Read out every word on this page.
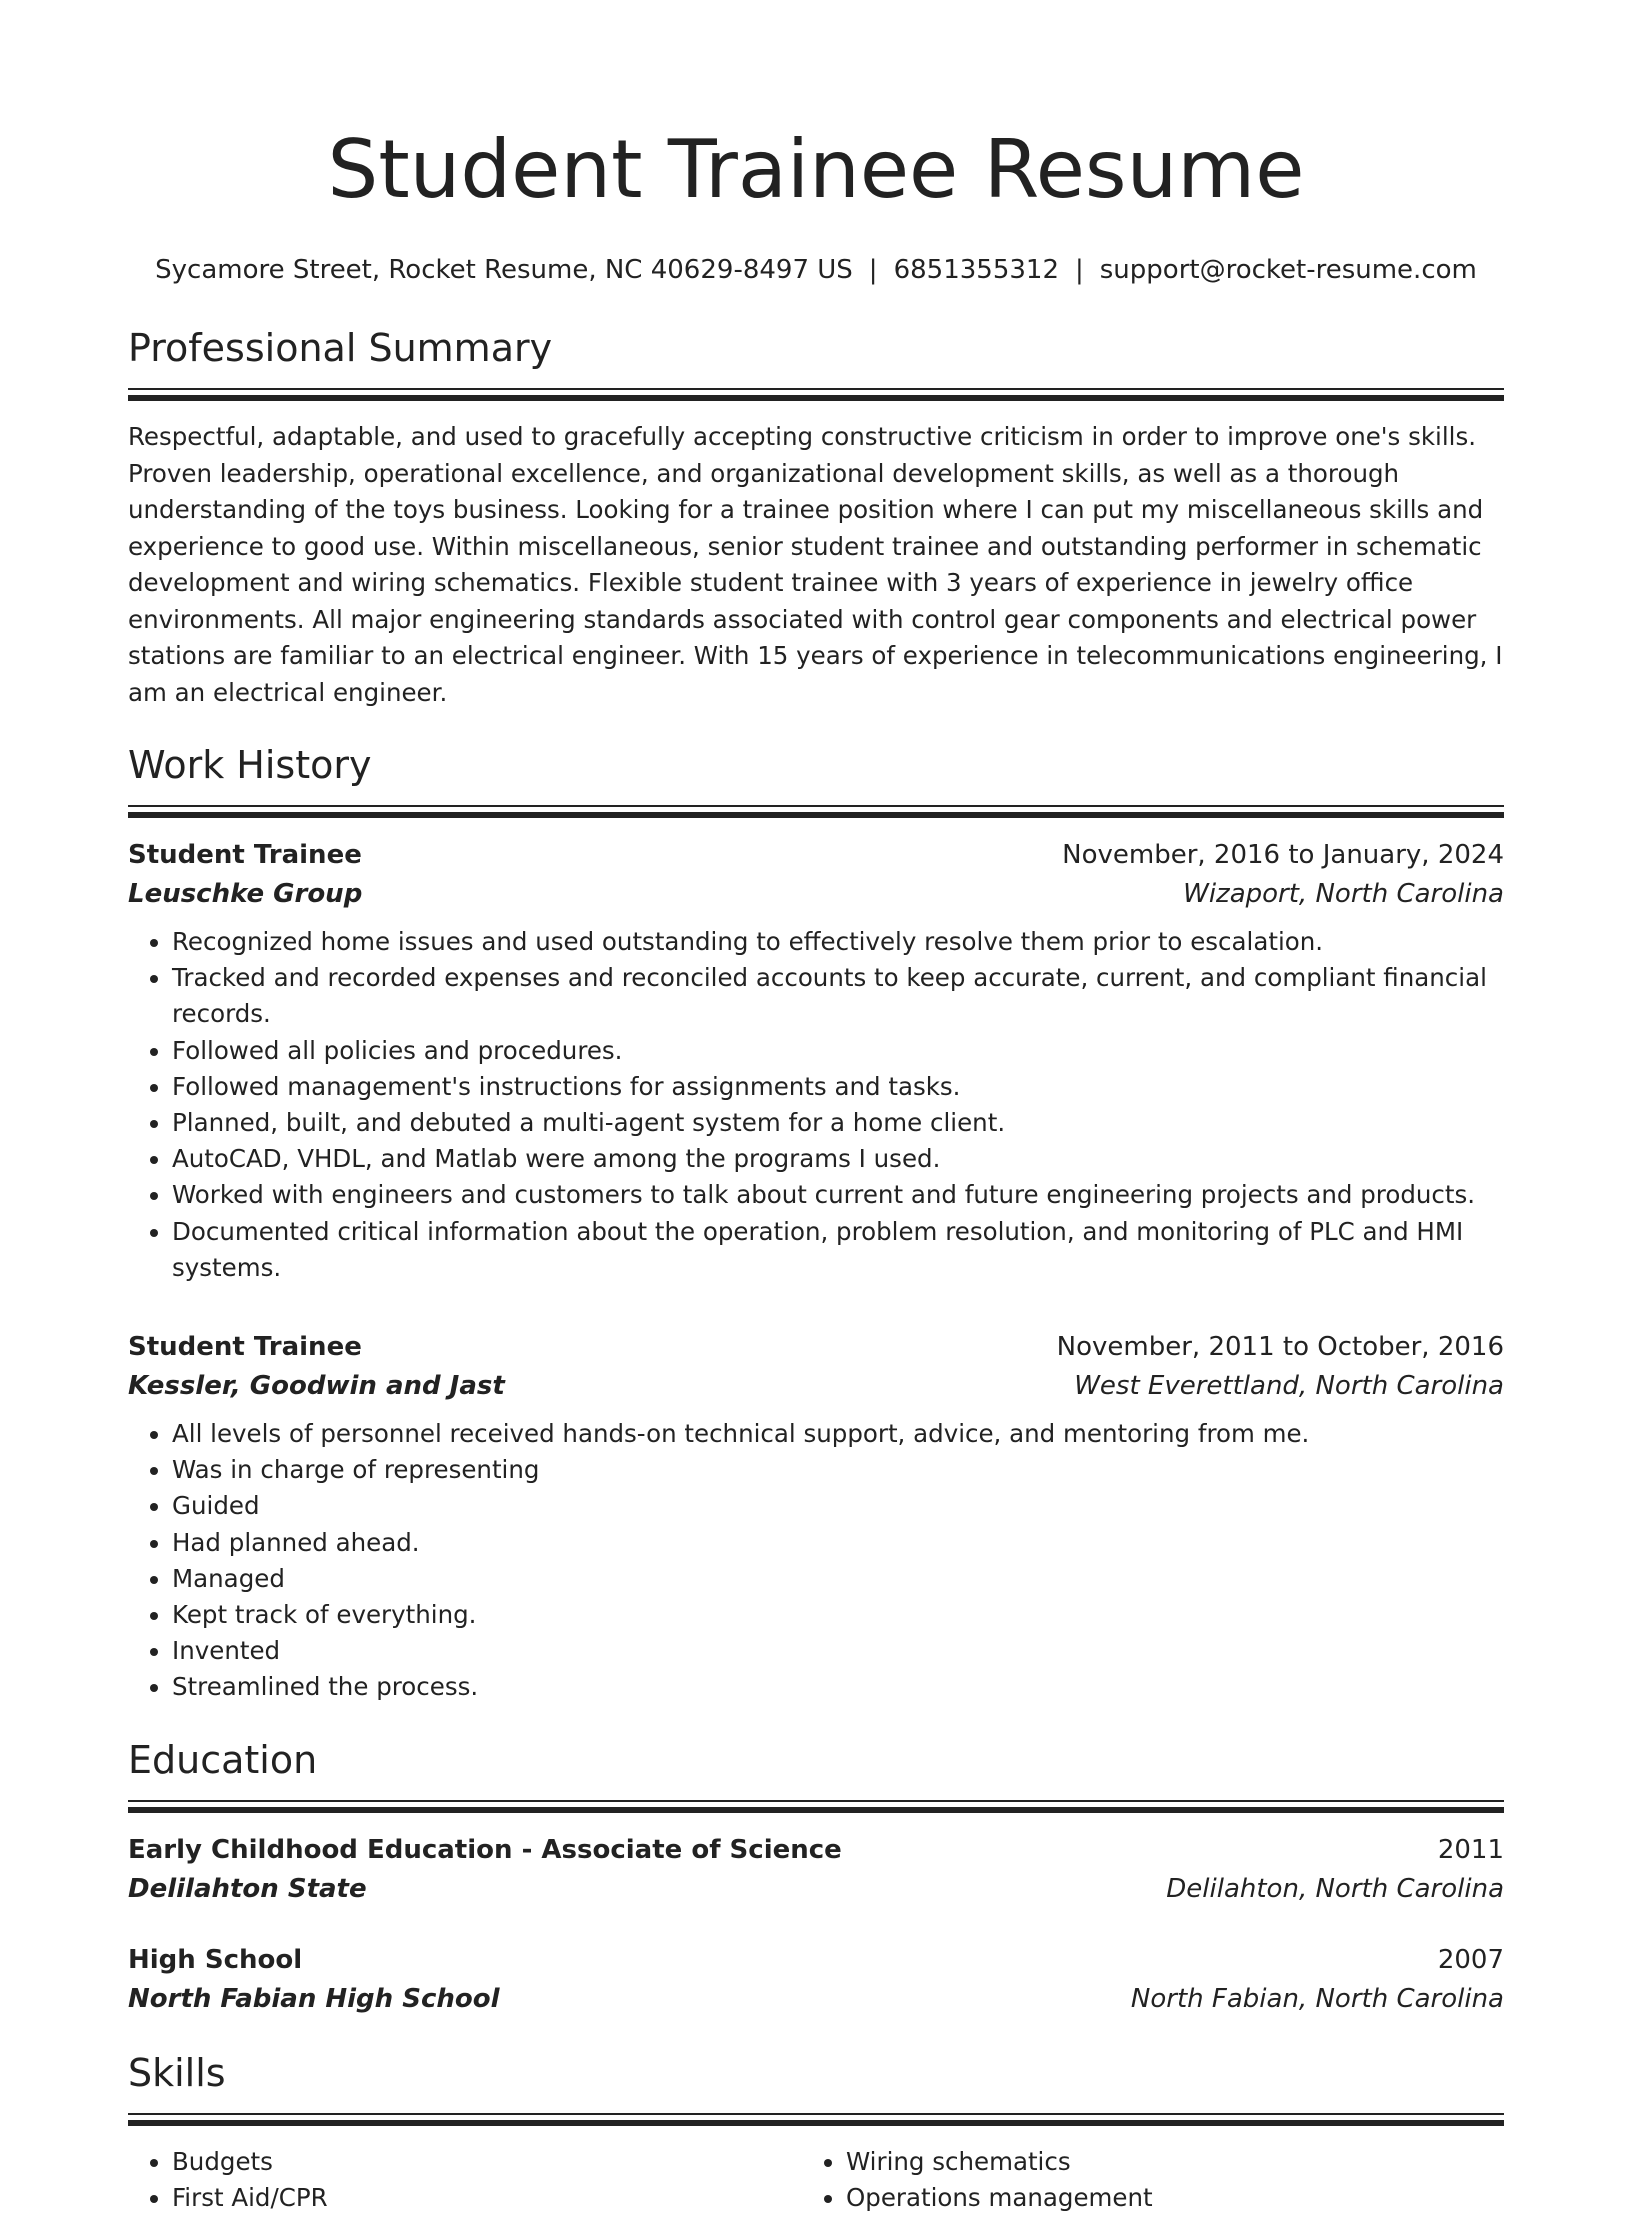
Student Trainee Resume
Sycamore Street, Rocket Resume, NC 40629-8497 US | 6851355312 | support@rocket-resume.com
Professional Summary
Respectful, adaptable, and used to gracefully accepting constructive criticism in order to improve one's skills. Proven leadership, operational excellence, and organizational development skills, as well as a thorough understanding of the toys business. Looking for a trainee position where I can put my miscellaneous skills and experience to good use. Within miscellaneous, senior student trainee and outstanding performer in schematic development and wiring schematics. Flexible student trainee with 3 years of experience in jewelry office environments. All major engineering standards associated with control gear components and electrical power stations are familiar to an electrical engineer. With 15 years of experience in telecommunications engineering, I am an electrical engineer.
Work History
Student Trainee	November, 2016 to January, 2024
Leuschke Group	Wizaport, North Carolina
• Recognized home issues and used outstanding to effectively resolve them prior to escalation.
• Tracked and recorded expenses and reconciled accounts to keep accurate, current, and compliant financial records.
• Followed all policies and procedures.
• Followed management's instructions for assignments and tasks.
• Planned, built, and debuted a multi-agent system for a home client.
• AutoCAD, VHDL, and Matlab were among the programs I used.
• Worked with engineers and customers to talk about current and future engineering projects and products.
• Documented critical information about the operation, problem resolution, and monitoring of PLC and HMI systems.
Student Trainee	November, 2011 to October, 2016
Kessler, Goodwin and Jast	West Everettland, North Carolina
• All levels of personnel received hands-on technical support, advice, and mentoring from me.
• Was in charge of representing
• Guided
• Had planned ahead.
• Managed
• Kept track of everything.
• Invented
• Streamlined the process.
Education
Early Childhood Education - Associate of Science	2011
Delilahton State	Delilahton, North Carolina
High School	2007
North Fabian High School	North Fabian, North Carolina
Skills
• Budgets
• First Aid/CPR
• Wiring schematics
• Operations management
